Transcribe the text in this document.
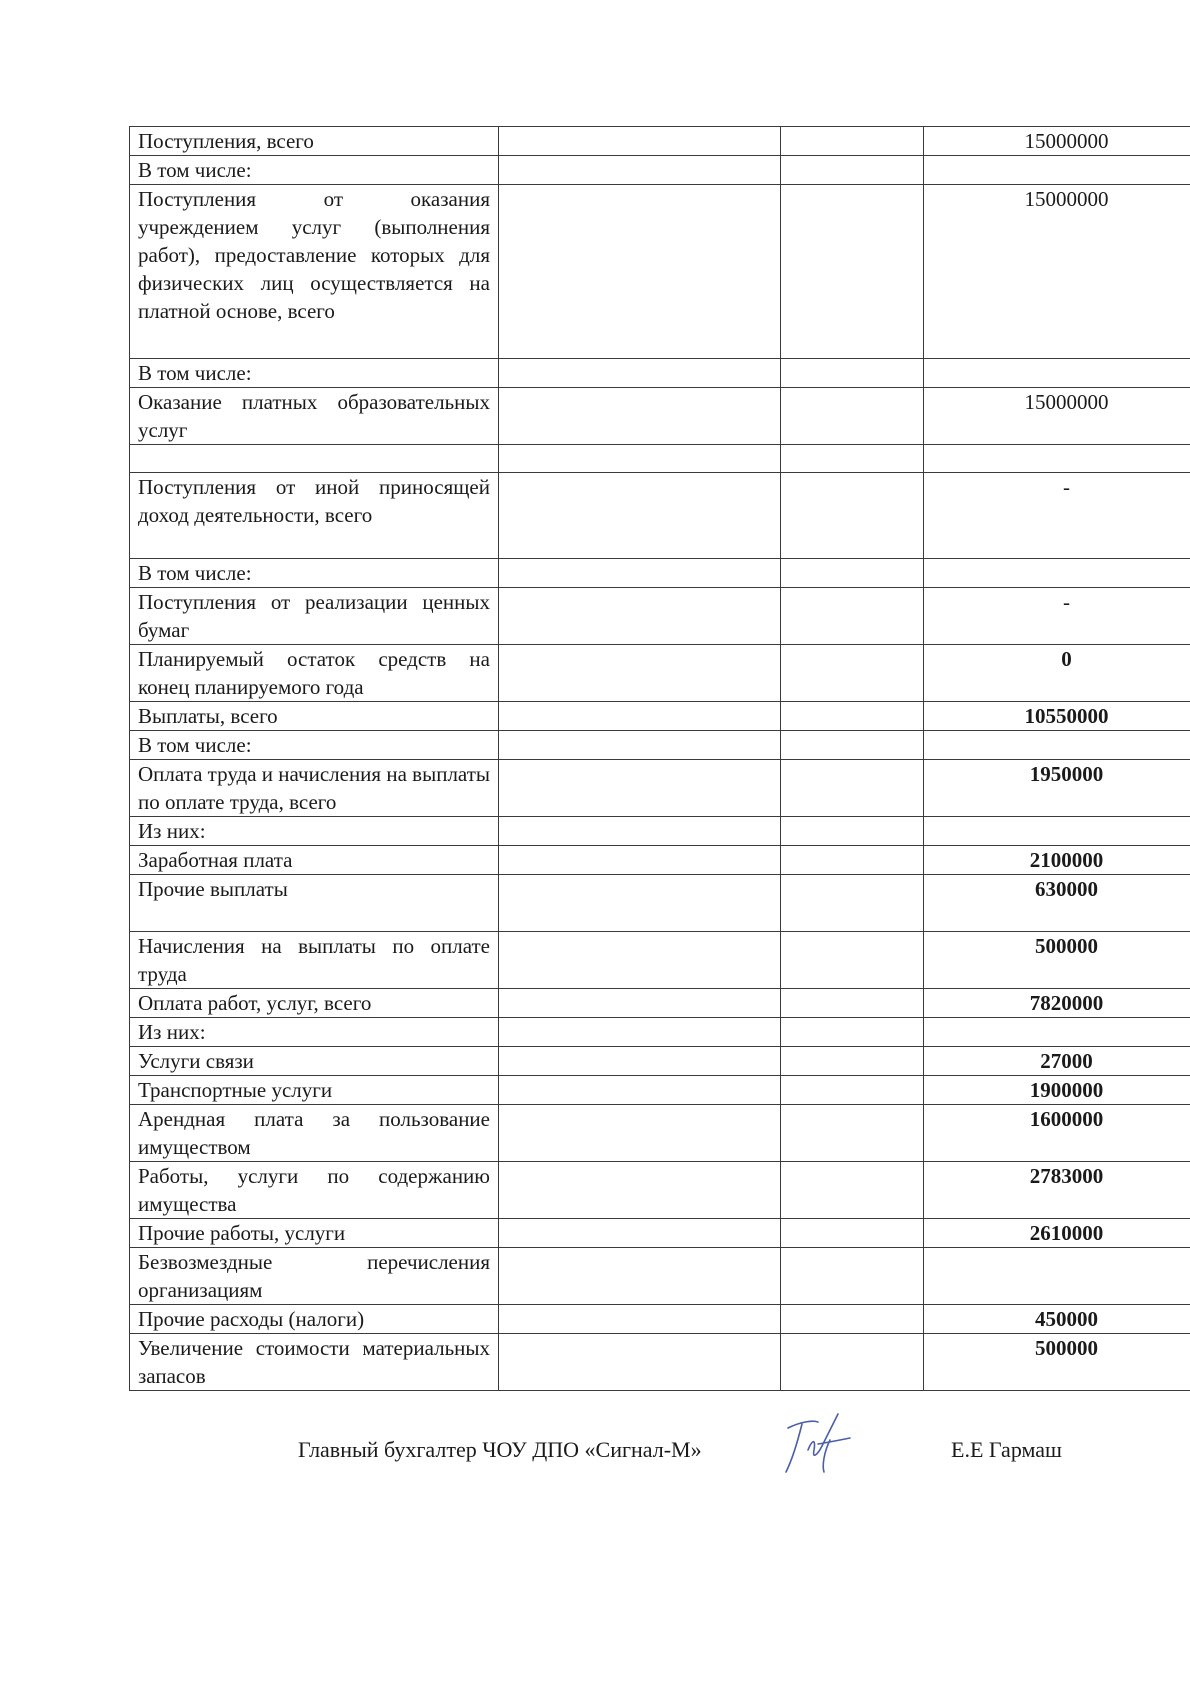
Поступления, всего			15000000
В том числе:			
Поступления от оказания учреждением услуг (выполнения работ), предоставление которых для физических лиц осуществляется на платной основе, всего			15000000
В том числе:			
Оказание платных образовательных услуг			15000000

Поступления от иной приносящей доход деятельности, всего			-
В том числе:			
Поступления от реализации ценных бумаг			-
Планируемый остаток средств на конец планируемого года			0
Выплаты, всего			10550000
В том числе:			
Оплата труда и начисления на выплаты по оплате труда, всего			1950000
Из них:			
Заработная плата			2100000
Прочие выплаты			630000
Начисления на выплаты по оплате труда			500000
Оплата работ, услуг, всего			7820000
Из них:			
Услуги связи			27000
Транспортные услуги			1900000
Арендная плата за пользование имуществом			1600000
Работы, услуги по содержанию имущества			2783000
Прочие работы, услуги			2610000
Безвозмездные перечисления организациям			
Прочие расходы (налоги)			450000
Увеличение стоимости материальных запасов			500000
Главный бухгалтер ЧОУ ДПО «Сигнал-М»	Е.Е Гармаш
